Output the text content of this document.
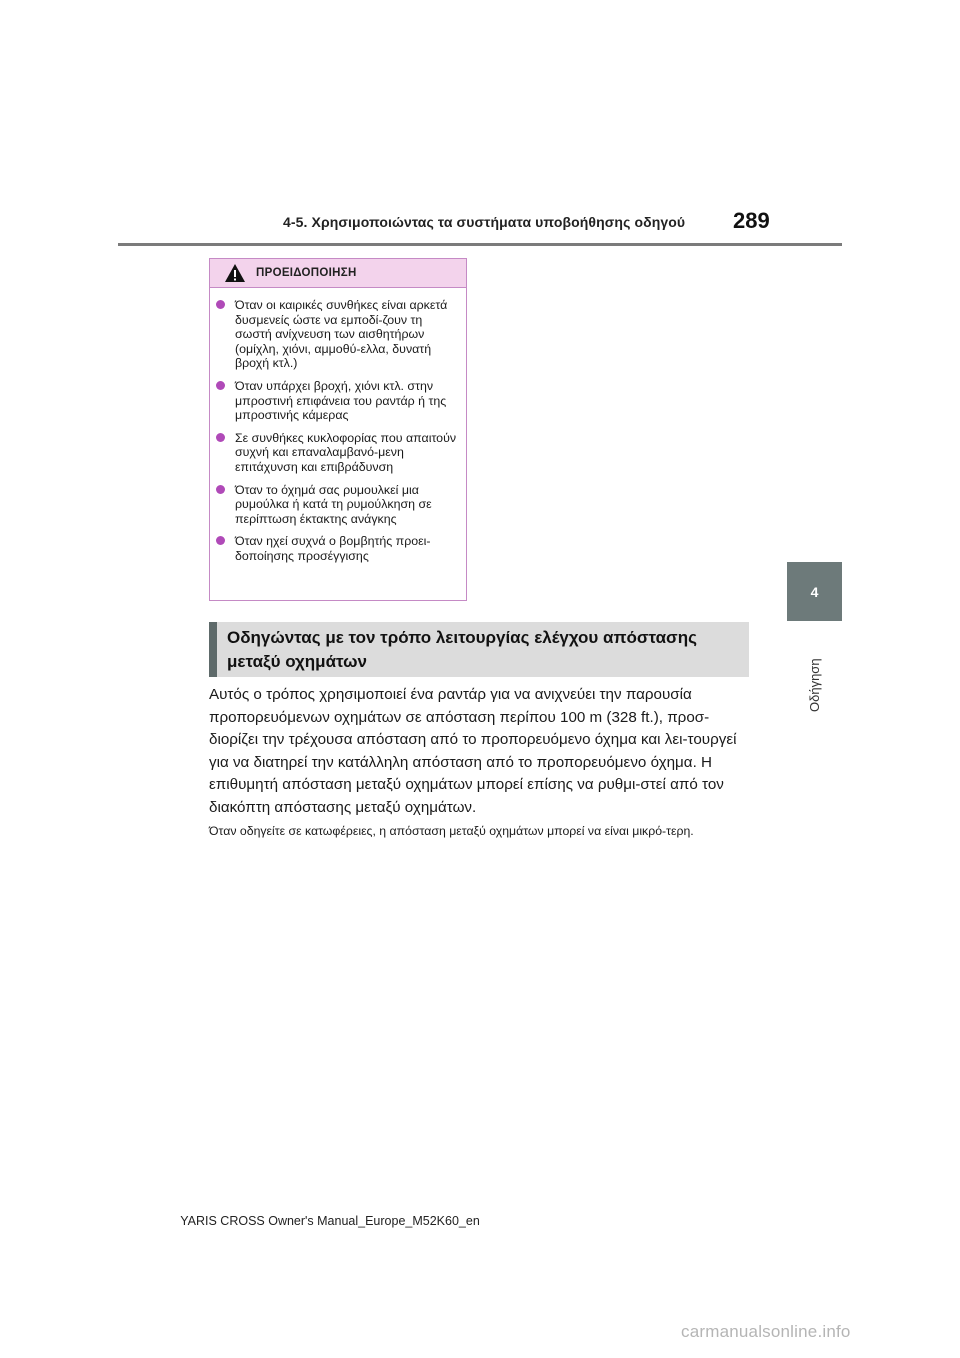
4-5. Χρησιμοποιώντας τα συστήματα υποβοήθησης οδηγού 289
4
Οδήγηση
ΠΡΟΕΙΔΟΠΟΙΗΣΗ
Όταν οι καιρικές συνθήκες είναι αρκετά δυσμενείς ώστε να εμποδί-ζουν τη σωστή ανίχνευση των αισθητήρων (ομίχλη, χιόνι, αμμοθύ-ελλα, δυνατή βροχή κτλ.)
Όταν υπάρχει βροχή, χιόνι κτλ. στην μπροστινή επιφάνεια του ραντάρ ή της μπροστινής κάμερας
Σε συνθήκες κυκλοφορίας που απαιτούν συχνή και επαναλαμβανό-μενη επιτάχυνση και επιβράδυνση
Όταν το όχημά σας ρυμουλκεί μια ρυμούλκα ή κατά τη ρυμούλκηση σε περίπτωση έκτακτης ανάγκης
Όταν ηχεί συχνά ο βομβητής προει-δοποίησης προσέγγισης
Οδηγώντας με τον τρόπο λειτουργίας ελέγχου απόστασης μεταξύ οχημάτων
Αυτός ο τρόπος χρησιμοποιεί ένα ραντάρ για να ανιχνεύει την παρουσία προπορευόμενων οχημάτων σε απόσταση περίπου 100 m (328 ft.), προσ-διορίζει την τρέχουσα απόσταση από το προπορευόμενο όχημα και λει-τουργεί για να διατηρεί την κατάλληλη απόσταση από το προπορευόμενο όχημα. Η επιθυμητή απόσταση μεταξύ οχημάτων μπορεί επίσης να ρυθμι-στεί από τον διακόπτη απόστασης μεταξύ οχημάτων.
Όταν οδηγείτε σε κατωφέρειες, η απόσταση μεταξύ οχημάτων μπορεί να είναι μικρό-τερη.
YARIS CROSS Owner's Manual_Europe_M52K60_en
carmanualsonline.info
